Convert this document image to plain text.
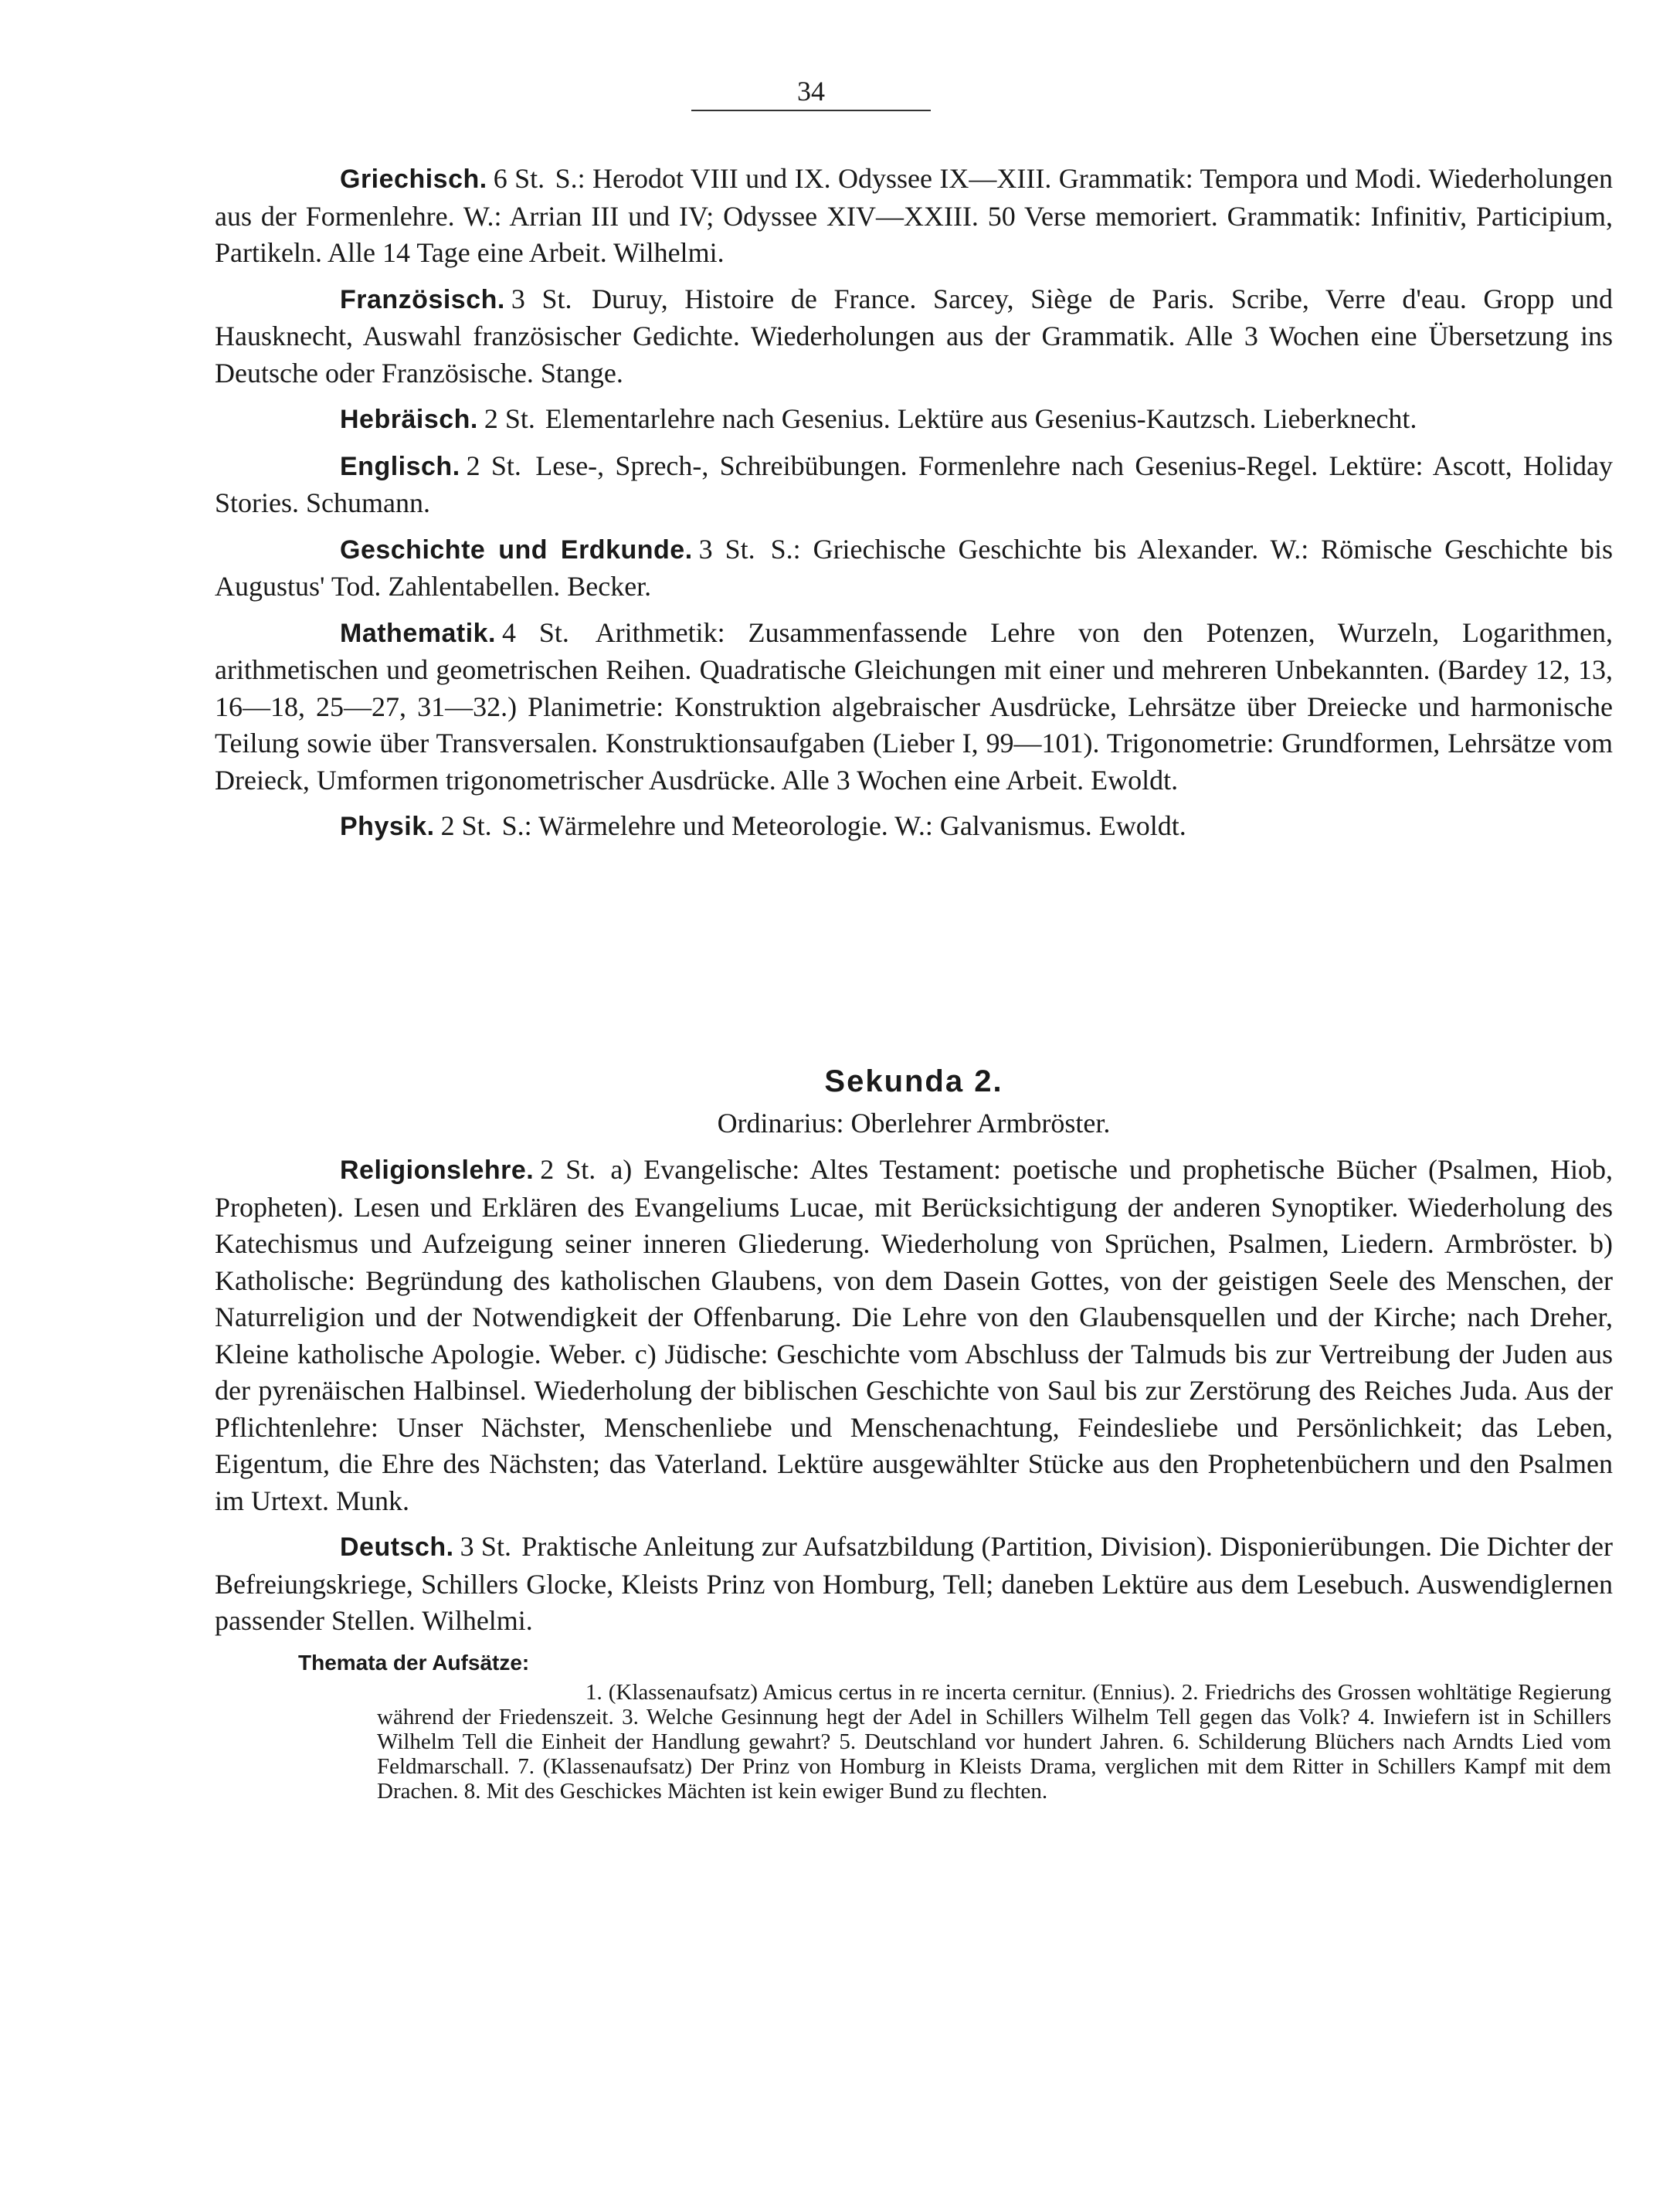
34

Griechisch. 6 St. S.: Herodot VIII und IX. Odyssee IX—XIII. Grammatik: Tempora und Modi. Wiederholungen aus der Formenlehre. W.: Arrian III und IV; Odyssee XIV—XXIII. 50 Verse memoriert. Grammatik: Infinitiv, Participium, Partikeln. Alle 14 Tage eine Arbeit. Wilhelmi.

Französisch. 3 St. Duruy, Histoire de France. Sarcey, Siège de Paris. Scribe, Verre d'eau. Gropp und Hausknecht, Auswahl französischer Gedichte. Wiederholungen aus der Grammatik. Alle 3 Wochen eine Übersetzung ins Deutsche oder Französische. Stange.

Hebräisch. 2 St. Elementarlehre nach Gesenius. Lektüre aus Gesenius-Kautzsch. Lieberknecht.

Englisch. 2 St. Lese-, Sprech-, Schreibübungen. Formenlehre nach Gesenius-Regel. Lektüre: Ascott, Holiday Stories. Schumann.

Geschichte und Erdkunde. 3 St. S.: Griechische Geschichte bis Alexander. W.: Römische Geschichte bis Augustus' Tod. Zahlentabellen. Becker.

Mathematik. 4 St. Arithmetik: Zusammenfassende Lehre von den Potenzen, Wurzeln, Logarithmen, arithmetischen und geometrischen Reihen. Quadratische Gleichungen mit einer und mehreren Unbekannten. (Bardey 12, 13, 16—18, 25—27, 31—32.) Planimetrie: Konstruktion algebraischer Ausdrücke, Lehrsätze über Dreiecke und harmonische Teilung sowie über Transversalen. Konstruktionsaufgaben (Lieber I, 99—101). Trigonometrie: Grundformen, Lehrsätze vom Dreieck, Umformen trigonometrischer Ausdrücke. Alle 3 Wochen eine Arbeit. Ewoldt.

Physik. 2 St. S.: Wärmelehre und Meteorologie. W.: Galvanismus. Ewoldt.

Sekunda 2.
Ordinarius: Oberlehrer Armbröster.

Religionslehre. 2 St. a) Evangelische: Altes Testament: poetische und prophetische Bücher (Psalmen, Hiob, Propheten). Lesen und Erklären des Evangeliums Lucae, mit Berücksichtigung der anderen Synoptiker. Wiederholung des Katechismus und Aufzeigung seiner inneren Gliederung. Wiederholung von Sprüchen, Psalmen, Liedern. Armbröster. b) Katholische: Begründung des katholischen Glaubens, von dem Dasein Gottes, von der geistigen Seele des Menschen, der Naturreligion und der Notwendigkeit der Offenbarung. Die Lehre von den Glaubensquellen und der Kirche; nach Dreher, Kleine katholische Apologie. Weber. c) Jüdische: Geschichte vom Abschluss der Talmuds bis zur Vertreibung der Juden aus der pyrenäischen Halbinsel. Wiederholung der biblischen Geschichte von Saul bis zur Zerstörung des Reiches Juda. Aus der Pflichtenlehre: Unser Nächster, Menschenliebe und Menschenachtung, Feindesliebe und Persönlichkeit; das Leben, Eigentum, die Ehre des Nächsten; das Vaterland. Lektüre ausgewählter Stücke aus den Prophetenbüchern und den Psalmen im Urtext. Munk.

Deutsch. 3 St. Praktische Anleitung zur Aufsatzbildung (Partition, Division). Disponierübungen. Die Dichter der Befreiungskriege, Schillers Glocke, Kleists Prinz von Homburg, Tell; daneben Lektüre aus dem Lesebuch. Auswendiglernen passender Stellen. Wilhelmi.

Themata der Aufsätze:

1. (Klassenaufsatz) Amicus certus in re incerta cernitur. (Ennius). 2. Friedrichs des Grossen wohltätige Regierung während der Friedenszeit. 3. Welche Gesinnung hegt der Adel in Schillers Wilhelm Tell gegen das Volk? 4. Inwiefern ist in Schillers Wilhelm Tell die Einheit der Handlung gewahrt? 5. Deutschland vor hundert Jahren. 6. Schilderung Blüchers nach Arndts Lied vom Feldmarschall. 7. (Klassenaufsatz) Der Prinz von Homburg in Kleists Drama, verglichen mit dem Ritter in Schillers Kampf mit dem Drachen. 8. Mit des Geschickes Mächten ist kein ewiger Bund zu flechten.
